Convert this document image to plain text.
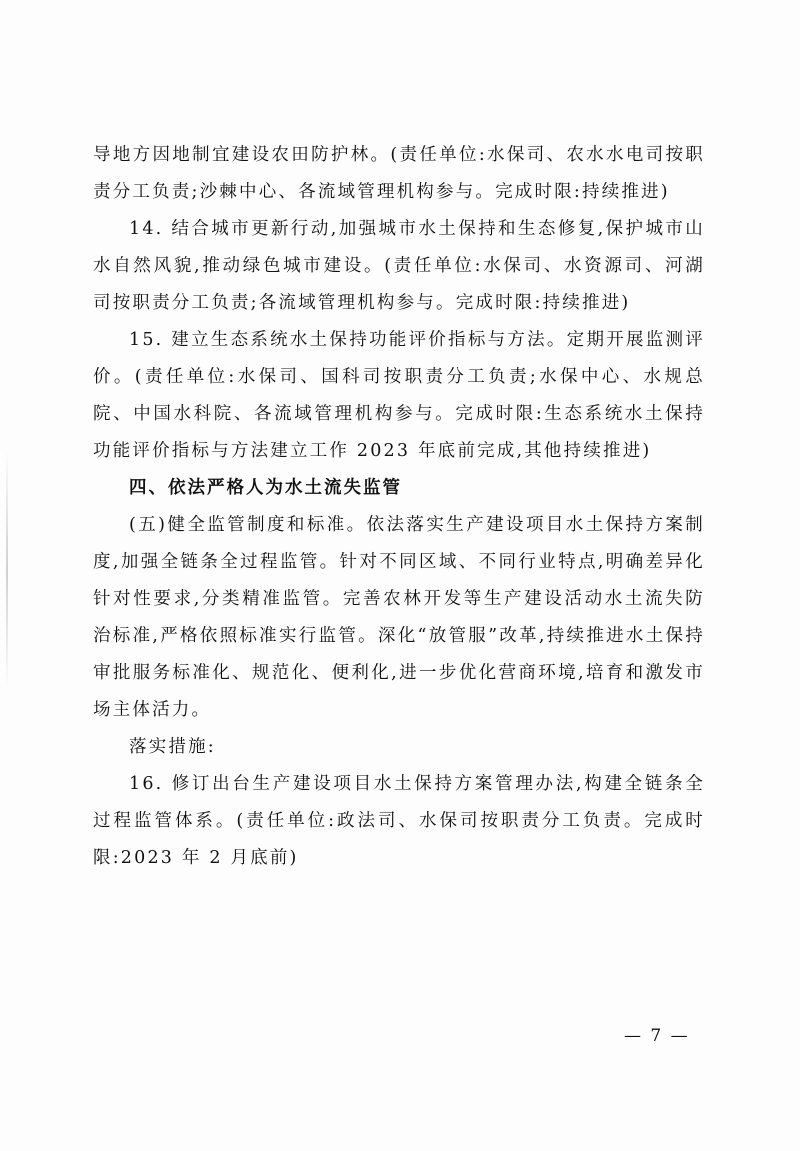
导地方因地制宜建设农田防护林。(责任单位:水保司、农水水电司按职责分工负责;沙棘中心、各流域管理机构参与。完成时限:持续推进)

14. 结合城市更新行动,加强城市水土保持和生态修复,保护城市山水自然风貌,推动绿色城市建设。(责任单位:水保司、水资源司、河湖司按职责分工负责;各流域管理机构参与。完成时限:持续推进)

15. 建立生态系统水土保持功能评价指标与方法。定期开展监测评价。(责任单位:水保司、国科司按职责分工负责;水保中心、水规总院、中国水科院、各流域管理机构参与。完成时限:生态系统水土保持功能评价指标与方法建立工作 2023 年底前完成,其他持续推进)

四、依法严格人为水土流失监管

(五)健全监管制度和标准。依法落实生产建设项目水土保持方案制度,加强全链条全过程监管。针对不同区域、不同行业特点,明确差异化针对性要求,分类精准监管。完善农林开发等生产建设活动水土流失防治标准,严格依照标准实行监管。深化“放管服”改革,持续推进水土保持审批服务标准化、规范化、便利化,进一步优化营商环境,培育和激发市场主体活力。

落实措施:

16. 修订出台生产建设项目水土保持方案管理办法,构建全链条全过程监管体系。(责任单位:政法司、水保司按职责分工负责。完成时限:2023 年 2 月底前)

— 7 —
